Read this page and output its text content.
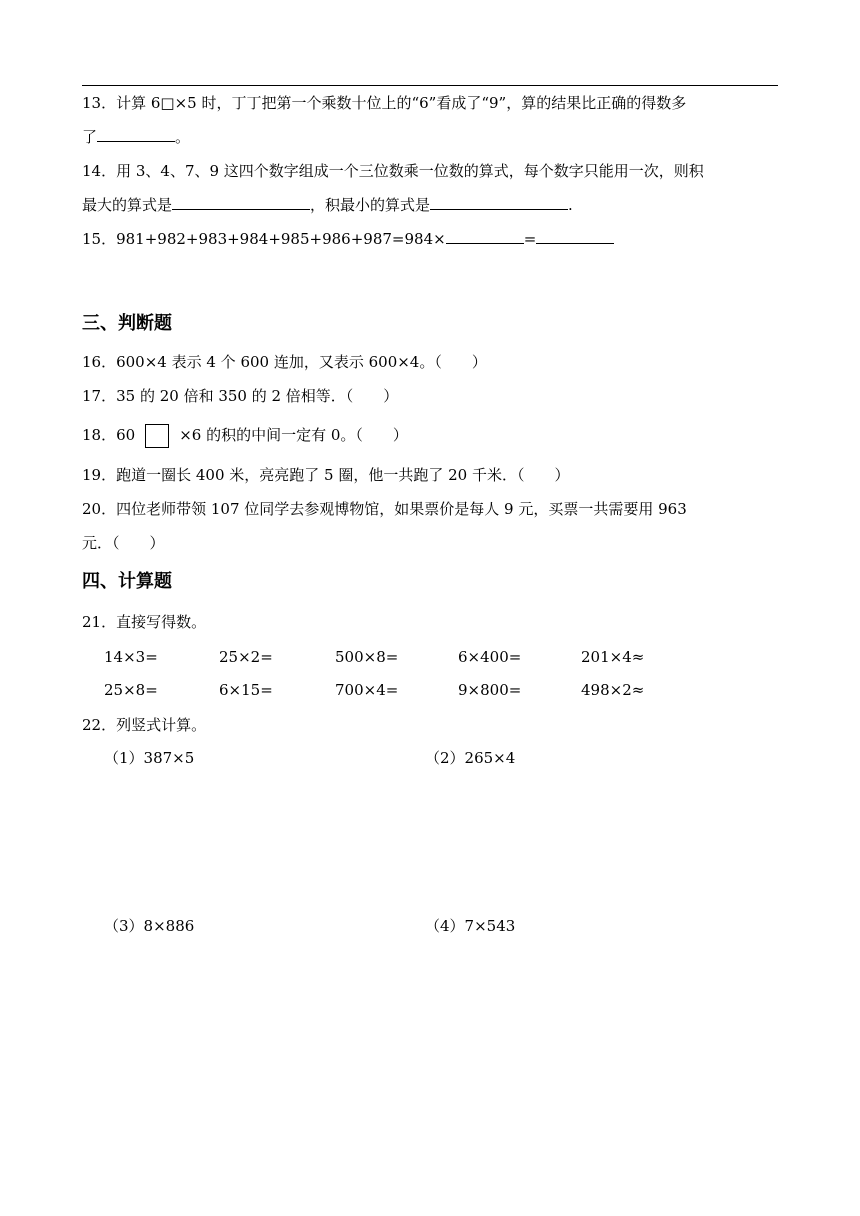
13．计算 6□×5 时，丁丁把第一个乘数十位上的“6”看成了“9”，算的结果比正确的得数多
了	。
14．用 3、4、7、9 这四个数字组成一个三位数乘一位数的算式，每个数字只能用一次，则积
最大的算式是	，积最小的算式是	.
15．981+982+983+984+985+986+987=984×	=
三、判断题
16．600×4 表示 4 个 600 连加，又表示 600×4。（　　）
17．35 的 20 倍和 350 的 2 倍相等．（　　）
18．60	×6 的积的中间一定有 0。（　　）
19．跑道一圈长 400 米，亮亮跑了 5 圈，他一共跑了 20 千米．（　　）
20．四位老师带领 107 位同学去参观博物馆，如果票价是每人 9 元，买票一共需要用 963
元．（　　）
四、计算题
21．直接写得数。
14×3=	25×2=	500×8=	6×400=	201×4≈
25×8=	6×15=	700×4=	9×800=	498×2≈
22．列竖式计算。
（1）387×5	（2）265×4
（3）8×886	（4）7×543
